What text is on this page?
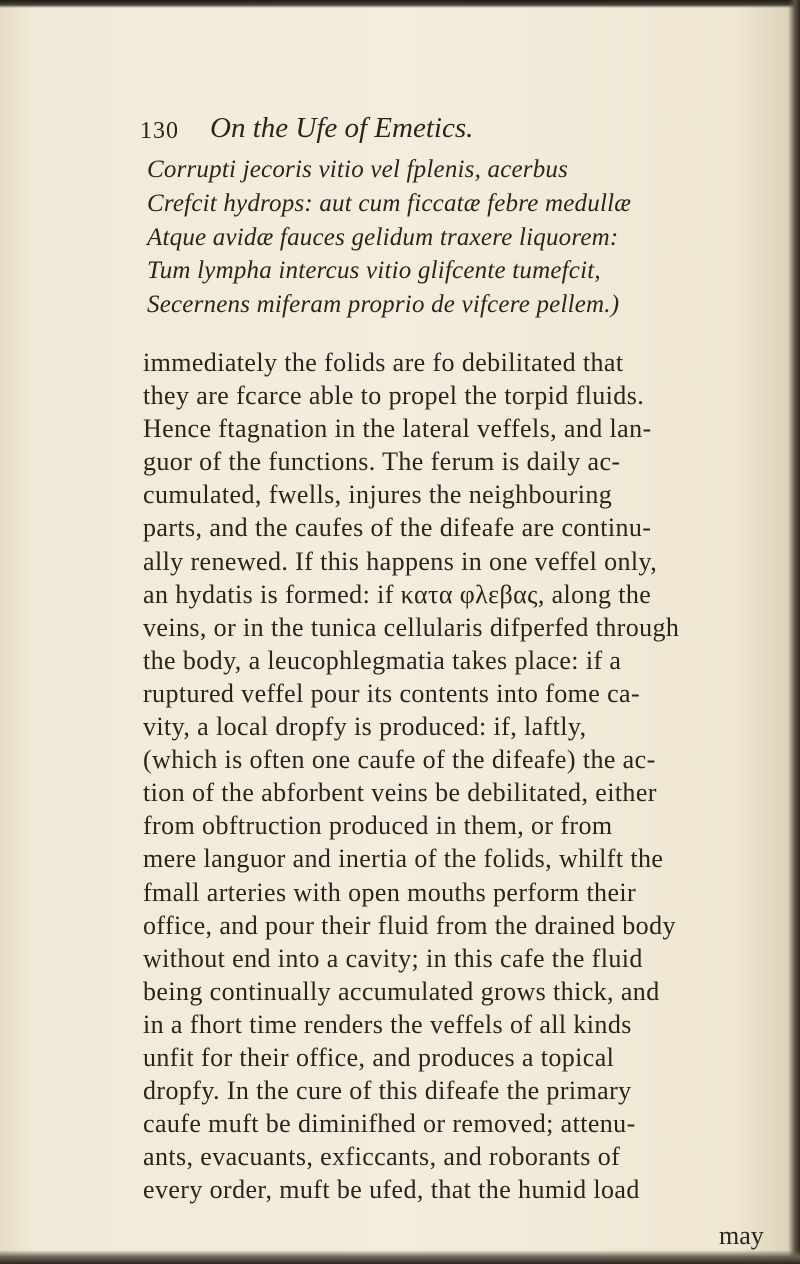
130 On the Ufe of Emetics.
Corrupti jecoris vitio vel fplenis, acerbus
Crefcit hydrops: aut cum ficcatæ febre medullæ
Atque avidæ fauces gelidum traxere liquorem:
Tum lympha intercus vitio glifcente tumefcit,
Secernens miferam proprio de vifcere pellem.)
immediately the folids are fo debilitated that
they are fcarce able to propel the torpid fluids.
Hence ftagnation in the lateral veffels, and lan-
guor of the functions. The ferum is daily ac-
cumulated, fwells, injures the neighbouring
parts, and the caufes of the difeafe are continu-
ally renewed. If this happens in one veffel only,
an hydatis is formed: if κατα φλεβας, along the
veins, or in the tunica cellularis difperfed through
the body, a leucophlegmatia takes place: if a
ruptured veffel pour its contents into fome ca-
vity, a local dropfy is produced: if, laftly,
(which is often one caufe of the difeafe) the ac-
tion of the abforbent veins be debilitated, either
from obftruction produced in them, or from
mere languor and inertia of the folids, whilft the
fmall arteries with open mouths perform their
office, and pour their fluid from the drained body
without end into a cavity; in this cafe the fluid
being continually accumulated grows thick, and
in a fhort time renders the veffels of all kinds
unfit for their office, and produces a topical
dropfy. In the cure of this difeafe the primary
caufe muft be diminifhed or removed; attenu-
ants, evacuants, exficcants, and roborants of
every order, muft be ufed, that the humid load
may
